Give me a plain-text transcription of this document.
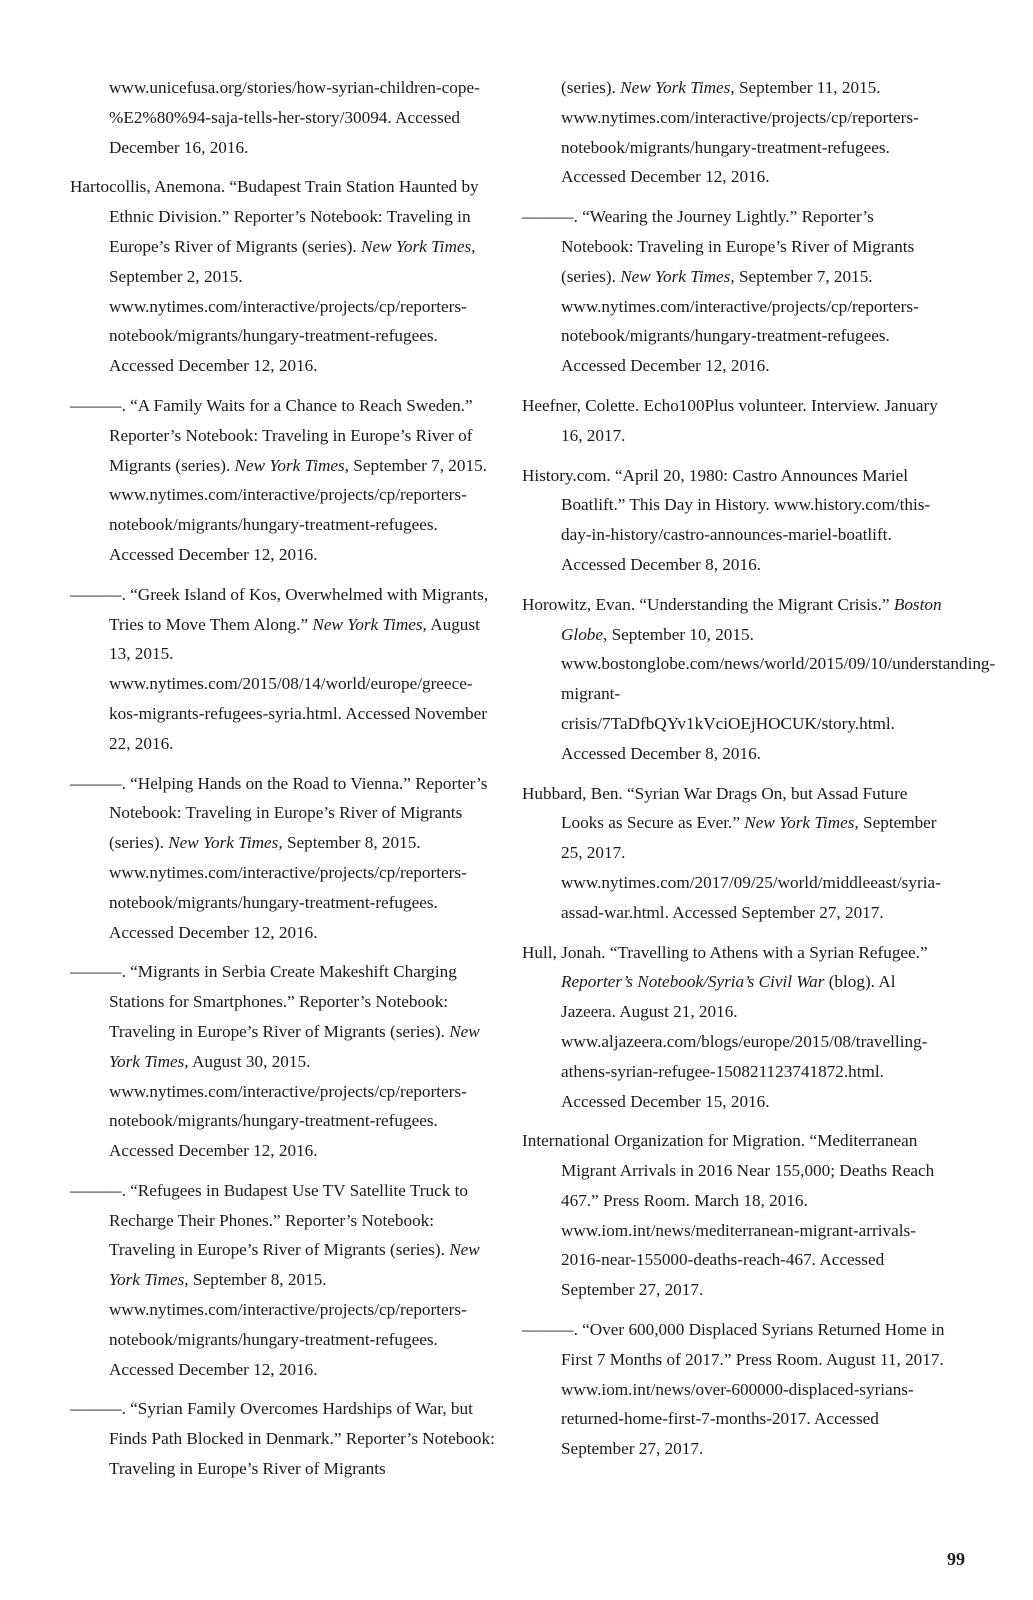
www.unicefusa.org/stories/how-syrian-children-cope-%E2%80%94-saja-tells-her-story/30094. Accessed December 16, 2016.

Hartocollis, Anemona. “Budapest Train Station Haunted by Ethnic Division.” Reporter’s Notebook: Traveling in Europe’s River of Migrants (series). New York Times, September 2, 2015. www.nytimes.com/interactive/projects/cp/reporters-notebook/migrants/hungary-treatment-refugees. Accessed December 12, 2016.

———. “A Family Waits for a Chance to Reach Sweden.” Reporter’s Notebook: Traveling in Europe’s River of Migrants (series). New York Times, September 7, 2015. www.nytimes.com/interactive/projects/cp/reporters-notebook/migrants/hungary-treatment-refugees. Accessed December 12, 2016.

———. “Greek Island of Kos, Overwhelmed with Migrants, Tries to Move Them Along.” New York Times, August 13, 2015. www.nytimes.com/2015/08/14/world/europe/greece-kos-migrants-refugees-syria.html. Accessed November 22, 2016.

———. “Helping Hands on the Road to Vienna.” Reporter’s Notebook: Traveling in Europe’s River of Migrants (series). New York Times, September 8, 2015. www.nytimes.com/interactive/projects/cp/reporters-notebook/migrants/hungary-treatment-refugees. Accessed December 12, 2016.

———. “Migrants in Serbia Create Makeshift Charging Stations for Smartphones.” Reporter’s Notebook: Traveling in Europe’s River of Migrants (series). New York Times, August 30, 2015. www.nytimes.com/interactive/projects/cp/reporters-notebook/migrants/hungary-treatment-refugees. Accessed December 12, 2016.

———. “Refugees in Budapest Use TV Satellite Truck to Recharge Their Phones.” Reporter’s Notebook: Traveling in Europe’s River of Migrants (series). New York Times, September 8, 2015. www.nytimes.com/interactive/projects/cp/reporters-notebook/migrants/hungary-treatment-refugees. Accessed December 12, 2016.

———. “Syrian Family Overcomes Hardships of War, but Finds Path Blocked in Denmark.” Reporter’s Notebook: Traveling in Europe’s River of Migrants

(series). New York Times, September 11, 2015. www.nytimes.com/interactive/projects/cp/reporters-notebook/migrants/hungary-treatment-refugees. Accessed December 12, 2016.

———. “Wearing the Journey Lightly.” Reporter’s Notebook: Traveling in Europe’s River of Migrants (series). New York Times, September 7, 2015. www.nytimes.com/interactive/projects/cp/reporters-notebook/migrants/hungary-treatment-refugees. Accessed December 12, 2016.

Heefner, Colette. Echo100Plus volunteer. Interview. January 16, 2017.

History.com. “April 20, 1980: Castro Announces Mariel Boatlift.” This Day in History. www.history.com/this-day-in-history/castro-announces-mariel-boatlift. Accessed December 8, 2016.

Horowitz, Evan. “Understanding the Migrant Crisis.” Boston Globe, September 10, 2015. www.bostonglobe.com/news/world/2015/09/10/understanding-migrant-crisis/7TaDfbQYv1kVciOEjHOCUK/story.html. Accessed December 8, 2016.

Hubbard, Ben. “Syrian War Drags On, but Assad Future Looks as Secure as Ever.” New York Times, September 25, 2017. www.nytimes.com/2017/09/25/world/middleeast/syria-assad-war.html. Accessed September 27, 2017.

Hull, Jonah. “Travelling to Athens with a Syrian Refugee.” Reporter’s Notebook/Syria’s Civil War (blog). Al Jazeera. August 21, 2016. www.aljazeera.com/blogs/europe/2015/08/travelling-athens-syrian-refugee-150821123741872.html. Accessed December 15, 2016.

International Organization for Migration. “Mediterranean Migrant Arrivals in 2016 Near 155,000; Deaths Reach 467.” Press Room. March 18, 2016. www.iom.int/news/mediterranean-migrant-arrivals-2016-near-155000-deaths-reach-467. Accessed September 27, 2017.

———. “Over 600,000 Displaced Syrians Returned Home in First 7 Months of 2017.” Press Room. August 11, 2017. www.iom.int/news/over-600000-displaced-syrians-returned-home-first-7-months-2017. Accessed September 27, 2017.

99
